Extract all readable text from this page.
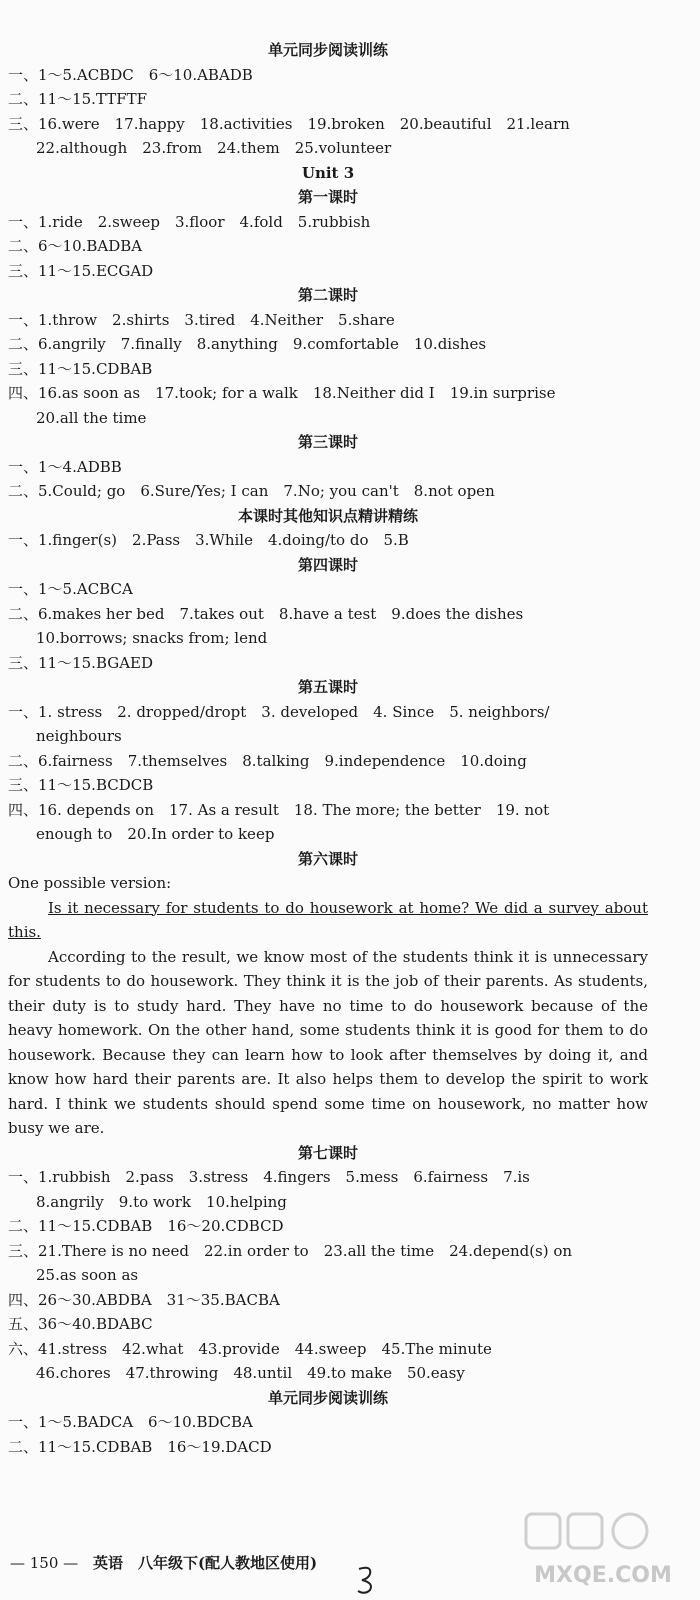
单元同步阅读训练
一、1～5.ACBDC　6～10.ABADB
二、11～15.TTFTF
三、16.were　17.happy　18.activities　19.broken　20.beautiful　21.learn
22.although　23.from　24.them　25.volunteer
Unit 3
第一课时
一、1.ride　2.sweep　3.floor　4.fold　5.rubbish
二、6～10.BADBA
三、11～15.ECGAD
第二课时
一、1.throw　2.shirts　3.tired　4.Neither　5.share
二、6.angrily　7.finally　8.anything　9.comfortable　10.dishes
三、11～15.CDBAB
四、16.as soon as　17.took; for a walk　18.Neither did I　19.in surprise
20.all the time
第三课时
一、1～4.ADBB
二、5.Could; go　6.Sure/Yes; I can　7.No; you can't　8.not open
本课时其他知识点精讲精练
一、1.finger(s)　2.Pass　3.While　4.doing/to do　5.B
第四课时
一、1～5.ACBCA
二、6.makes her bed　7.takes out　8.have a test　9.does the dishes
10.borrows; snacks from; lend
三、11～15.BGAED
第五课时
一、1. stress　2. dropped/dropt　3. developed　4. Since　5. neighbors/
neighbours
二、6.fairness　7.themselves　8.talking　9.independence　10.doing
三、11～15.BCDCB
四、16. depends on　17. As a result　18. The more; the better　19. not
enough to　20.In order to keep
第六课时
One possible version:
Is it necessary for students to do housework at home? We did a survey about this.
According to the result, we know most of the students think it is unnecessary for students to do housework. They think it is the job of their parents. As students, their duty is to study hard. They have no time to do housework because of the heavy homework. On the other hand, some students think it is good for them to do housework. Because they can learn how to look after themselves by doing it, and know how hard their parents are. It also helps them to develop the spirit to work hard. I think we students should spend some time on housework, no matter how busy we are.
第七课时
一、1.rubbish　2.pass　3.stress　4.fingers　5.mess　6.fairness　7.is
8.angrily　9.to work　10.helping
二、11～15.CDBAB　16～20.CDBCD
三、21.There is no need　22.in order to　23.all the time　24.depend(s) on
25.as soon as
四、26～30.ABDBA　31～35.BACBA
五、36～40.BDABC
六、41.stress　42.what　43.provide　44.sweep　45.The minute
46.chores　47.throwing　48.until　49.to make　50.easy
单元同步阅读训练
一、1～5.BADCA　6～10.BDCBA
二、11～15.CDBAB　16～19.DACD
— 150 — 英语　八年级下(配人教地区使用)	MXQE.COM
